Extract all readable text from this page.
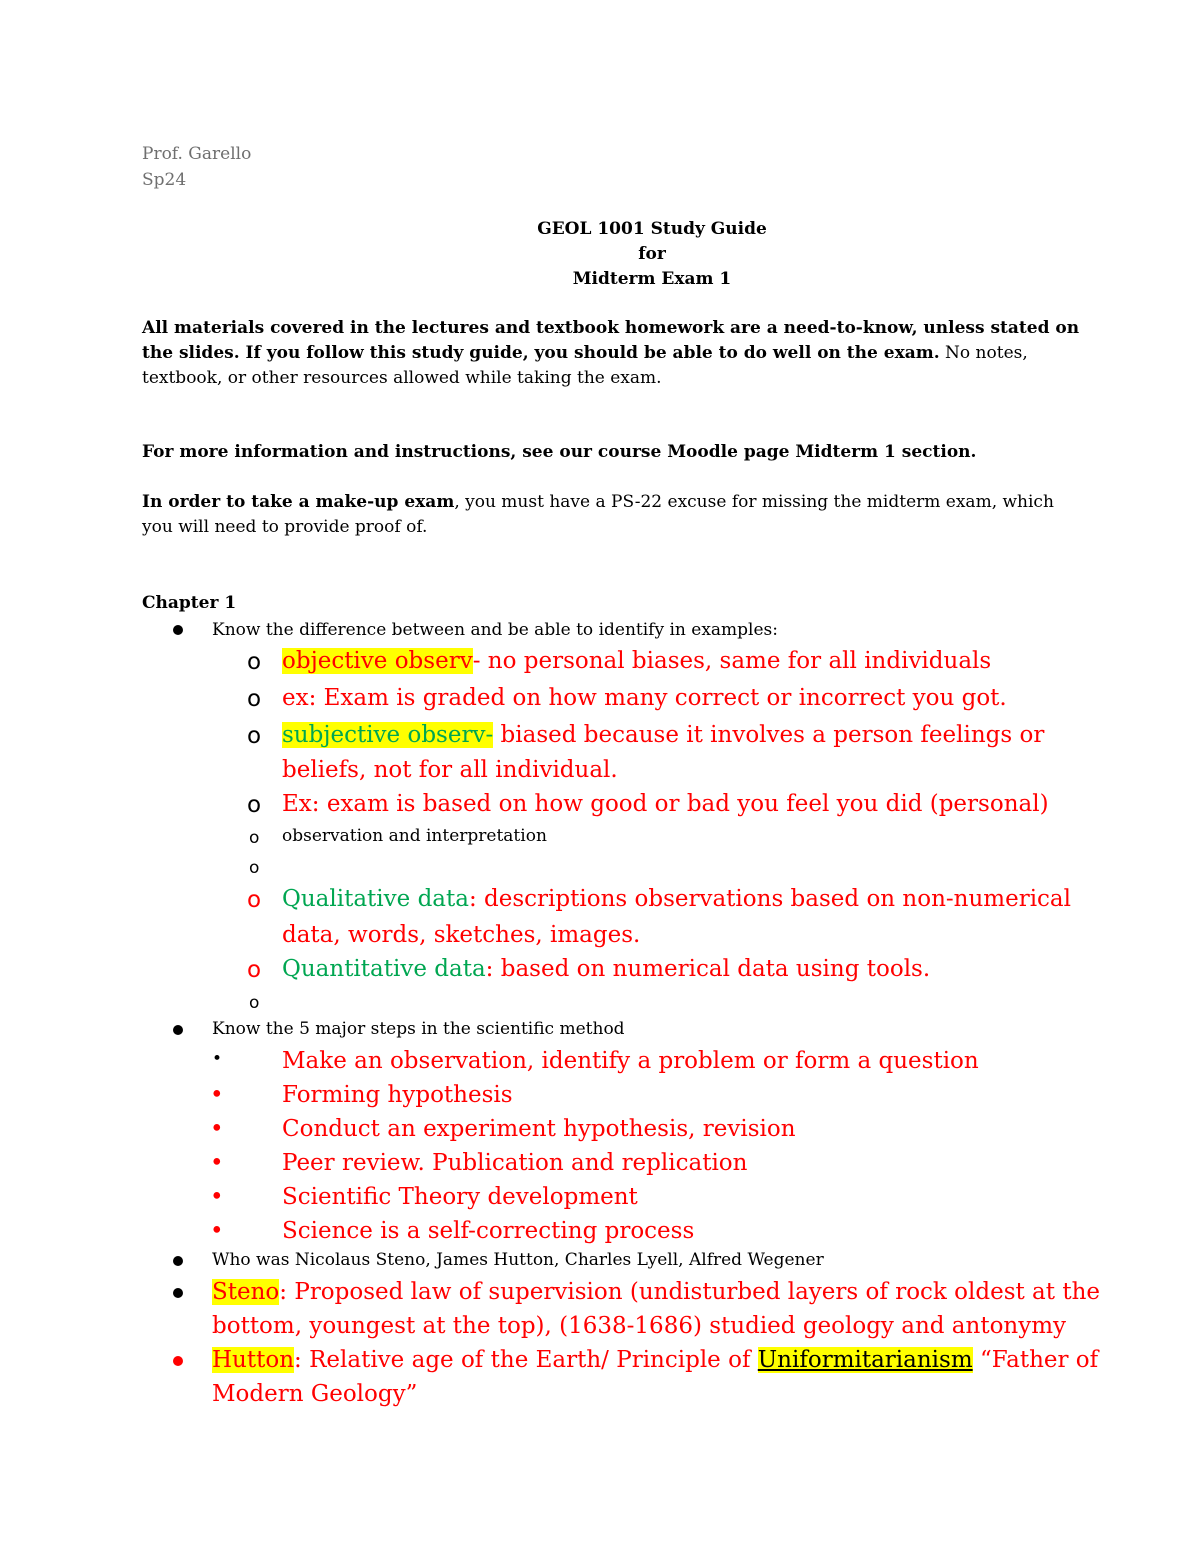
Prof. Garello
Sp24
GEOL 1001 Study Guide
for
Midterm Exam 1
All materials covered in the lectures and textbook homework are a need-to-know, unless stated on
the slides. If you follow this study guide, you should be able to do well on the exam. No notes,
textbook, or other resources allowed while taking the exam.
For more information and instructions, see our course Moodle page Midterm 1 section.
In order to take a make-up exam, you must have a PS-22 excuse for missing the midterm exam, which
you will need to provide proof of.
Chapter 1
Know the difference between and be able to identify in examples:
o objective observ- no personal biases, same for all individuals
o ex: Exam is graded on how many correct or incorrect you got.
o subjective observ- biased because it involves a person feelings or
beliefs, not for all individual.
o Ex: exam is based on how good or bad you feel you did (personal)
o observation and interpretation
o
o Qualitative data: descriptions observations based on non-numerical
data, words, sketches, images.
o Quantitative data: based on numerical data using tools.
o
Know the 5 major steps in the scientific method
•	Make an observation, identify a problem or form a question
•	Forming hypothesis
•	Conduct an experiment hypothesis, revision
•	Peer review. Publication and replication
•	Scientific Theory development
•	Science is a self-correcting process
Who was Nicolaus Steno, James Hutton, Charles Lyell, Alfred Wegener
Steno: Proposed law of supervision (undisturbed layers of rock oldest at the
bottom, youngest at the top), (1638-1686) studied geology and antonymy
Hutton: Relative age of the Earth/ Principle of Uniformitarianism “Father of
Modern Geology”
